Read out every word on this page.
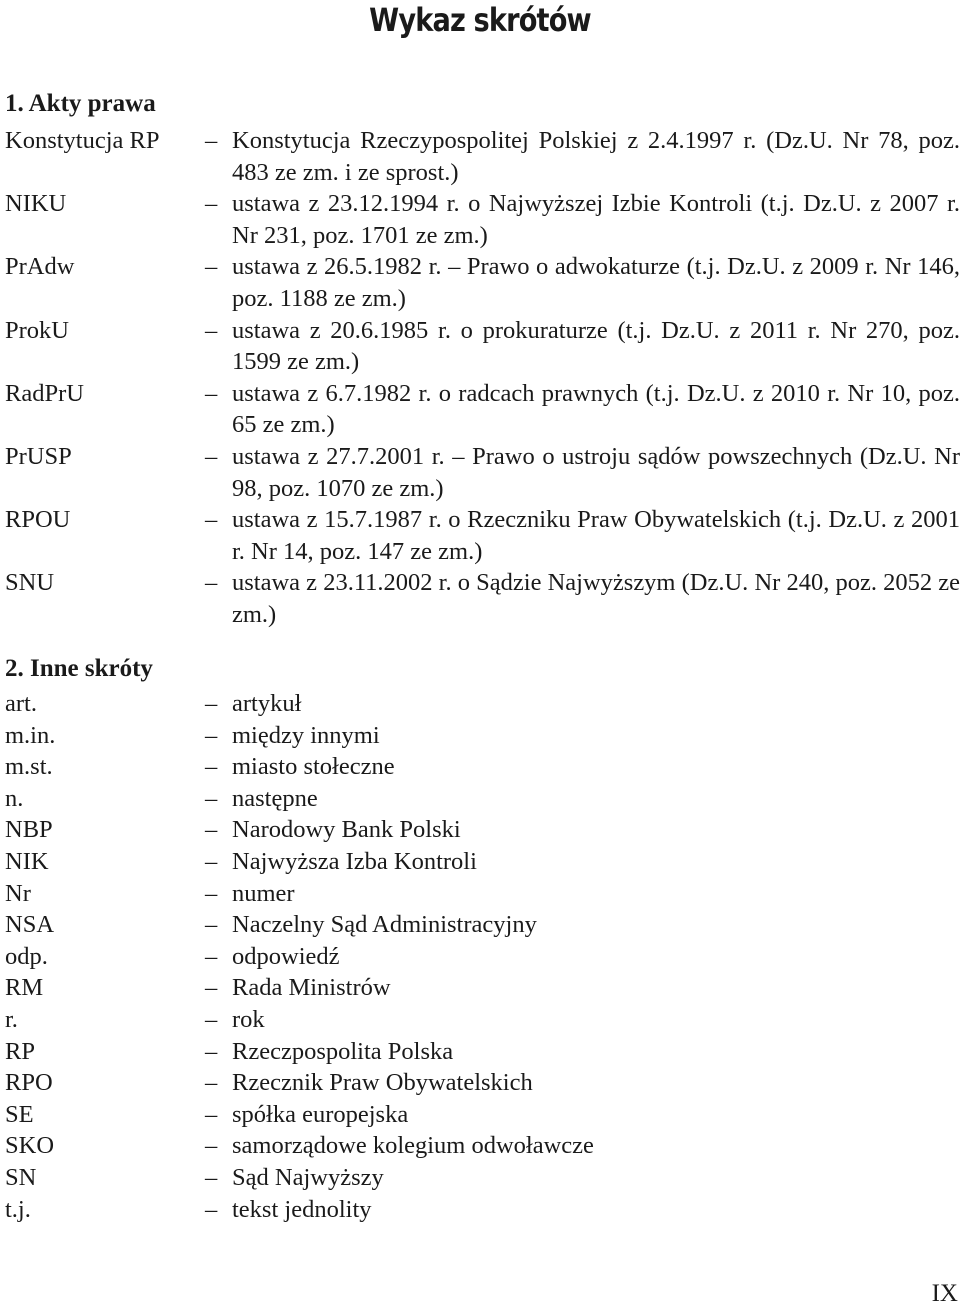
Wykaz skrótów
1. Akty prawa
Konstytucja RP – Konstytucja Rzeczypospolitej Polskiej z 2.4.1997 r. (Dz.U. Nr 78, poz. 483 ze zm. i ze sprost.)
NIKU	– ustawa z 23.12.1994 r. o Najwyższej Izbie Kontroli (t.j. Dz.U. z 2007 r. Nr 231, poz. 1701 ze zm.)
PrAdw	– ustawa z 26.5.1982 r. – Prawo o adwokaturze (t.j. Dz.U. z 2009 r. Nr 146, poz. 1188 ze zm.)
ProkU	– ustawa z 20.6.1985 r. o prokuraturze (t.j. Dz.U. z 2011 r. Nr 270, poz. 1599 ze zm.)
RadPrU	– ustawa z 6.7.1982 r. o radcach prawnych (t.j. Dz.U. z 2010 r. Nr 10, poz. 65 ze zm.)
PrUSP	– ustawa z 27.7.2001 r. – Prawo o ustroju sądów powszechnych (Dz.U. Nr 98, poz. 1070 ze zm.)
RPOU	– ustawa z 15.7.1987 r. o Rzeczniku Praw Obywatelskich (t.j. Dz.U. z 2001 r. Nr 14, poz. 147 ze zm.)
SNU	– ustawa z 23.11.2002 r. o Sądzie Najwyższym (Dz.U. Nr 240, poz. 2052 ze zm.)
2. Inne skróty
art.	– artykuł
m.in.	– między innymi
m.st.	– miasto stołeczne
n.	– następne
NBP	– Narodowy Bank Polski
NIK	– Najwyższa Izba Kontroli
Nr	– numer
NSA	– Naczelny Sąd Administracyjny
odp.	– odpowiedź
RM	– Rada Ministrów
r.	– rok
RP	– Rzeczpospolita Polska
RPO	– Rzecznik Praw Obywatelskich
SE	– spółka europejska
SKO	– samorządowe kolegium odwoławcze
SN	– Sąd Najwyższy
t.j.	– tekst jednolity
IX
